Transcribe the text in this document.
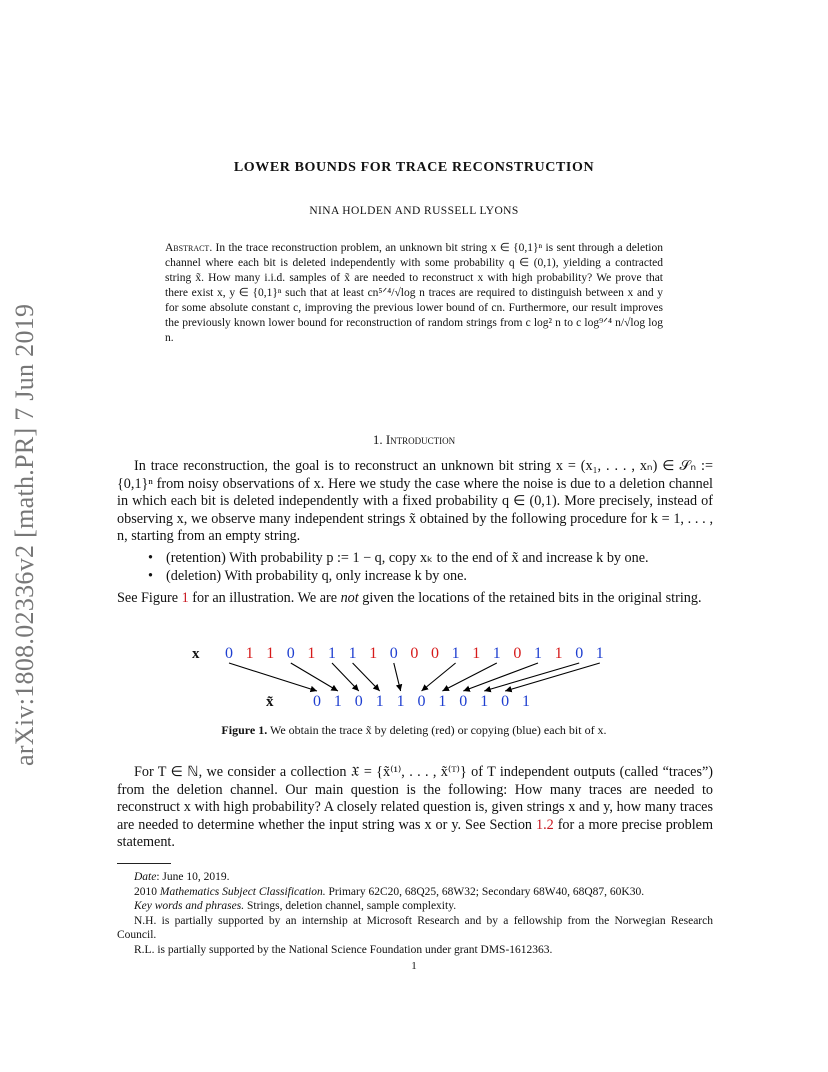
arXiv:1808.02336v2 [math.PR] 7 Jun 2019
LOWER BOUNDS FOR TRACE RECONSTRUCTION
NINA HOLDEN AND RUSSELL LYONS
Abstract. In the trace reconstruction problem, an unknown bit string x ∈ {0,1}ⁿ is sent through a deletion channel where each bit is deleted independently with some probability q ∈ (0,1), yielding a contracted string x̃. How many i.i.d. samples of x̃ are needed to reconstruct x with high probability? We prove that there exist x, y ∈ {0,1}ⁿ such that at least cn⁵ᐟ⁴/√log n traces are required to distinguish between x and y for some absolute constant c, improving the previous lower bound of cn. Furthermore, our result improves the previously known lower bound for reconstruction of random strings from c log² n to c log⁹ᐟ⁴ n/√log log n.
1. Introduction
In trace reconstruction, the goal is to reconstruct an unknown bit string x = (x₁, . . . , xₙ) ∈ 𝒮ₙ := {0,1}ⁿ from noisy observations of x. Here we study the case where the noise is due to a deletion channel in which each bit is deleted independently with a fixed probability q ∈ (0,1). More precisely, instead of observing x, we observe many independent strings x̃ obtained by the following procedure for k = 1, . . . , n, starting from an empty string.
• (retention) With probability p := 1 − q, copy xₖ to the end of x̃ and increase k by one.
• (deletion) With probability q, only increase k by one.
See Figure 1 for an illustration. We are not given the locations of the retained bits in the original string.
x
x̃
0 1 1 0 1 1 1 1 0 0 0 1 1 1 0 1 1 0 1
0 1 0 1 1 0 1 0 1 0 1
Figure 1. We obtain the trace x̃ by deleting (red) or copying (blue) each bit of x.
For T ∈ ℕ, we consider a collection 𝔛 = {x̃⁽¹⁾, . . . , x̃⁽ᵀ⁾} of T independent outputs (called “traces”) from the deletion channel. Our main question is the following: How many traces are needed to reconstruct x with high probability? A closely related question is, given strings x and y, how many traces are needed to determine whether the input string was x or y. See Section 1.2 for a more precise problem statement.
Date: June 10, 2019.
2010 Mathematics Subject Classification. Primary 62C20, 68Q25, 68W32; Secondary 68W40, 68Q87, 60K30.
Key words and phrases. Strings, deletion channel, sample complexity.
N.H. is partially supported by an internship at Microsoft Research and by a fellowship from the Norwegian Research Council.
R.L. is partially supported by the National Science Foundation under grant DMS-1612363.
1
